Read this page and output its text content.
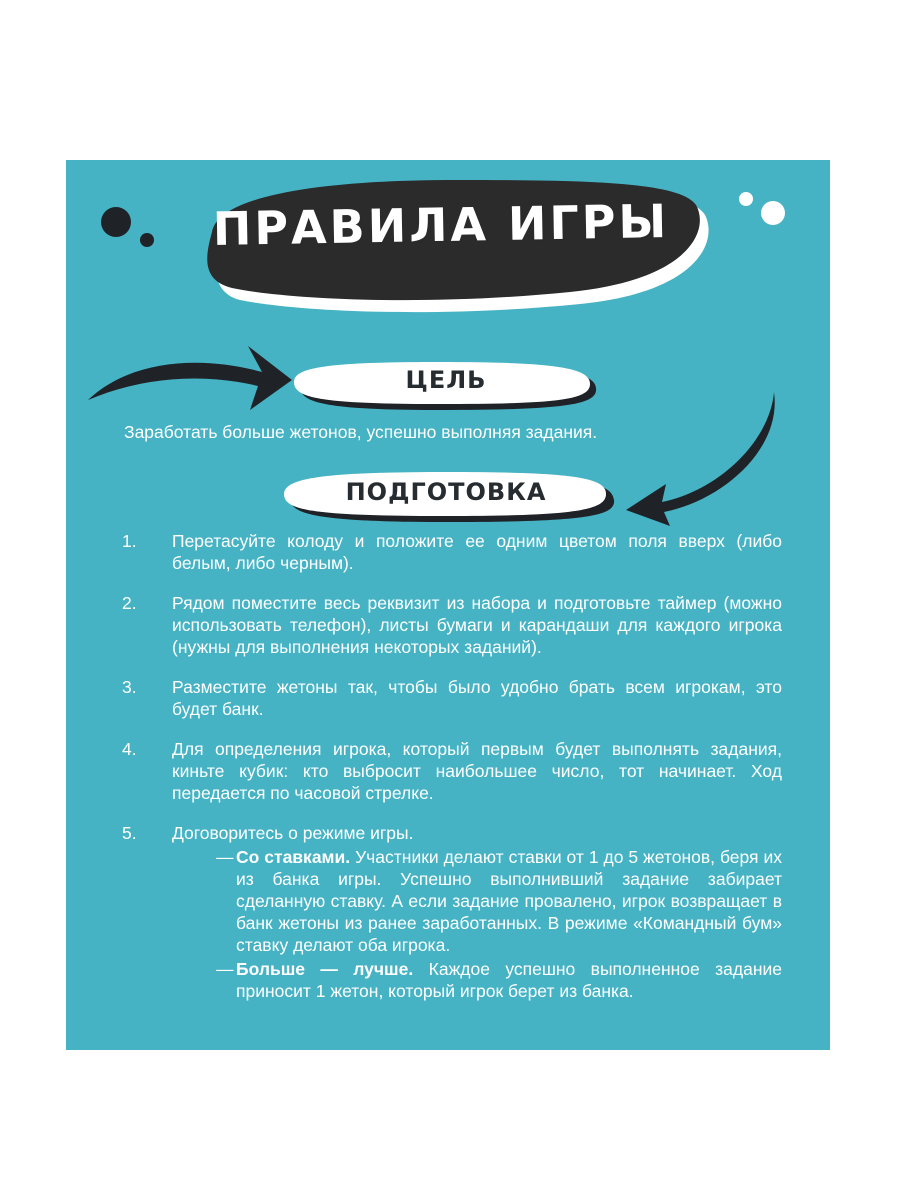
ПРАВИЛА ИГРЫ
ЦЕЛЬ
Заработать больше жетонов, успешно выполняя задания.
ПОДГОТОВКА
1. Перетасуйте колоду и положите ее одним цветом поля вверх (либо белым, либо черным).
2. Рядом поместите весь реквизит из набора и подготовьте таймер (можно использовать телефон), листы бумаги и карандаши для каждого игрока (нужны для выполнения некоторых заданий).
3. Разместите жетоны так, чтобы было удобно брать всем игрокам, это будет банк.
4. Для определения игрока, который первым будет выполнять задания, киньте кубик: кто выбросит наибольшее число, тот начинает. Ход передается по часовой стрелке.
5. Договоритесь о режиме игры.
— Со ставками. Участники делают ставки от 1 до 5 жетонов, беря их из банка игры. Успешно выполнивший задание забирает сделанную ставку. А если задание провалено, игрок возвращает в банк жетоны из ранее заработанных. В режиме «Командный бум» ставку делают оба игрока.
— Больше — лучше. Каждое успешно выполненное задание приносит 1 жетон, который игрок берет из банка.
